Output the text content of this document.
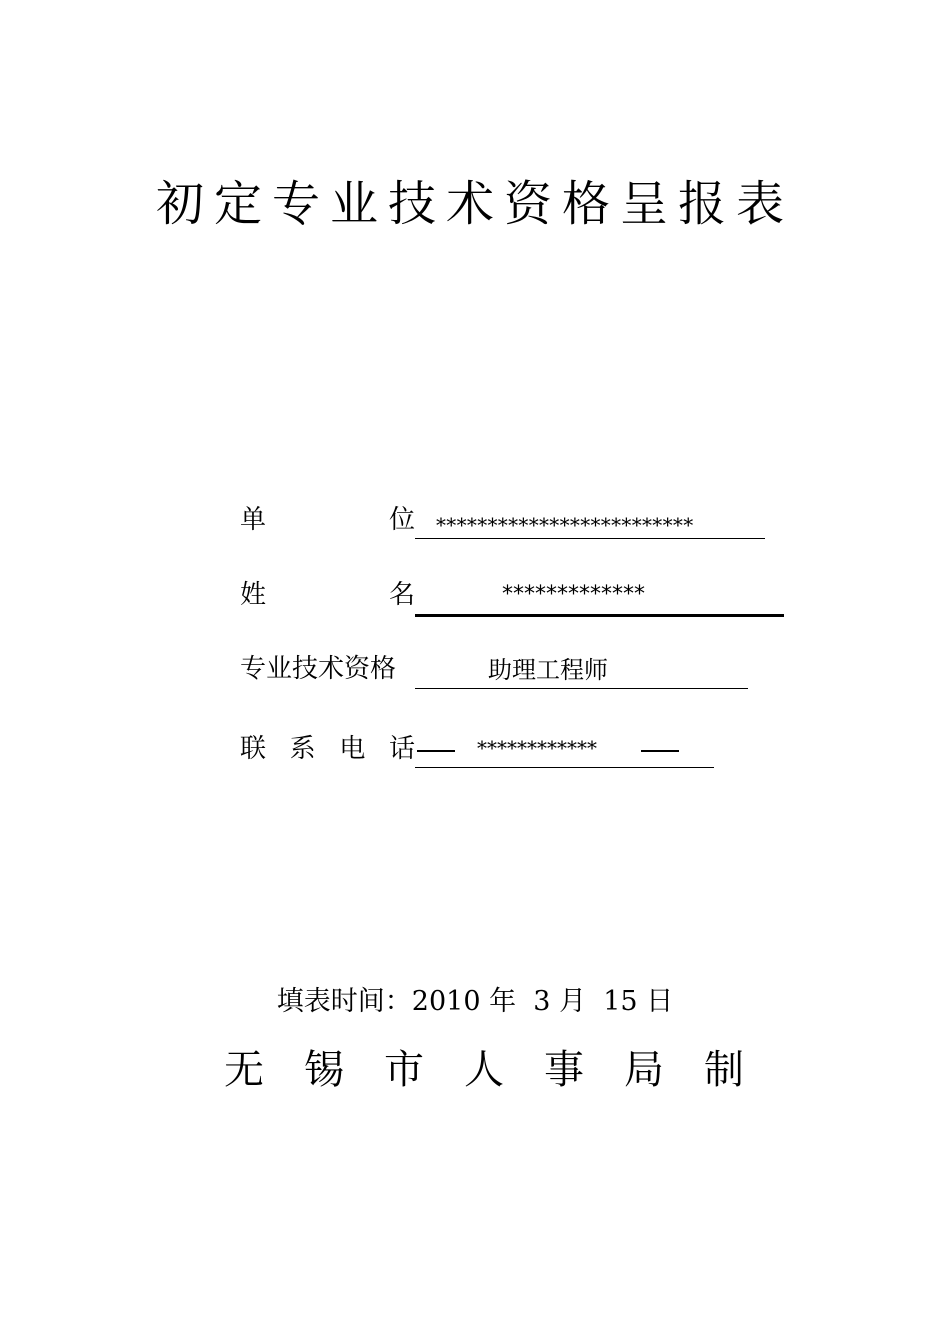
初定专业技术资格呈报表
单	位 *************************
姓	名	*************
专业技术资格	助理工程师
联 系 电 话	************
填表时间：2010 年 3 月 15 日
无 锡 市 人 事 局 制
